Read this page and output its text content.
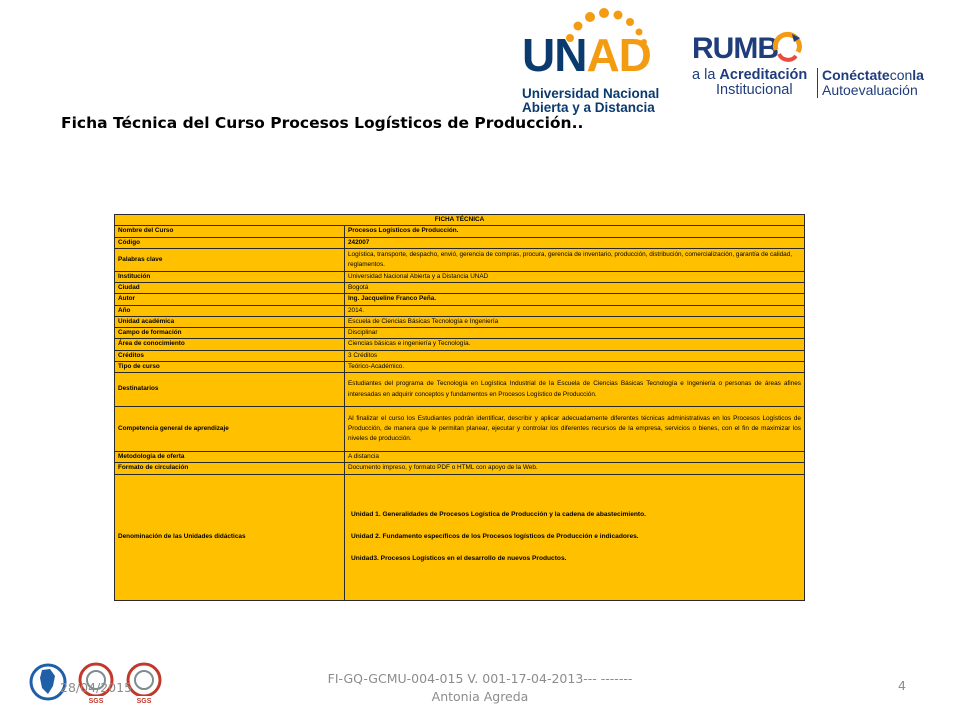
UNAD
Universidad Nacional
Abierta y a Distancia
RUMB
a la Acreditación
Institucional
Conéctateconla
Autoevaluación
Ficha Técnica del Curso Procesos Logísticos de Producción..
FICHA TÉCNICA	
Nombre del Curso	Procesos Logísticos de Producción.
Código	242007
Palabras clave	Logística, transporte, despacho, envió, gerencia de compras, procura, gerencia de inventario, producción, distribución, comercialización, garantía de calidad, reglamentos.
Institución	Universidad Nacional Abierta y a Distancia UNAD
Ciudad	Bogotá
Autor	Ing. Jacqueline Franco Peña.
Año	2014.
Unidad académica	Escuela de Ciencias Básicas Tecnología e Ingeniería
Campo de formación	Disciplinar
Área de conocimiento	Ciencias básicas e ingeniería y Tecnología.
Créditos	3 Créditos
Tipo de curso	Teórico-Académico.
Destinatarios	Estudiantes del programa de Tecnología en Logística Industrial de la Escuela de Ciencias Básicas Tecnología e Ingeniería o personas de áreas afines interesadas en adquirir conceptos y fundamentos en Procesos Logístico de Producción.
Competencia general de aprendizaje	Al finalizar el curso los Estudiantes podrán identificar, describir y aplicar adecuadamente diferentes técnicas administrativas en los Procesos Logísticos de Producción, de manera que le permitan planear, ejecutar y controlar los diferentes recursos de la empresa, servicios o bienes, con el fin de maximizar los niveles de producción.
Metodología de oferta	A distancia
Formato de circulación	Documento impreso, y formato PDF o HTML con apoyo de la Web.
Denominación de las Unidades didácticas	Unidad 1. Generalidades de Procesos Logística de Producción y la cadena de abastecimiento.
Unidad 2. Fundamento específicos de los Procesos logísticos de Producción e indicadores.
Unidad3. Procesos Logísticos en el desarrollo de nuevos Productos.
SGS	SGS
28/04/2015
FI-GQ-GCMU-004-015 V. 001-17-04-2013--- ------- Antonia Agreda
4
